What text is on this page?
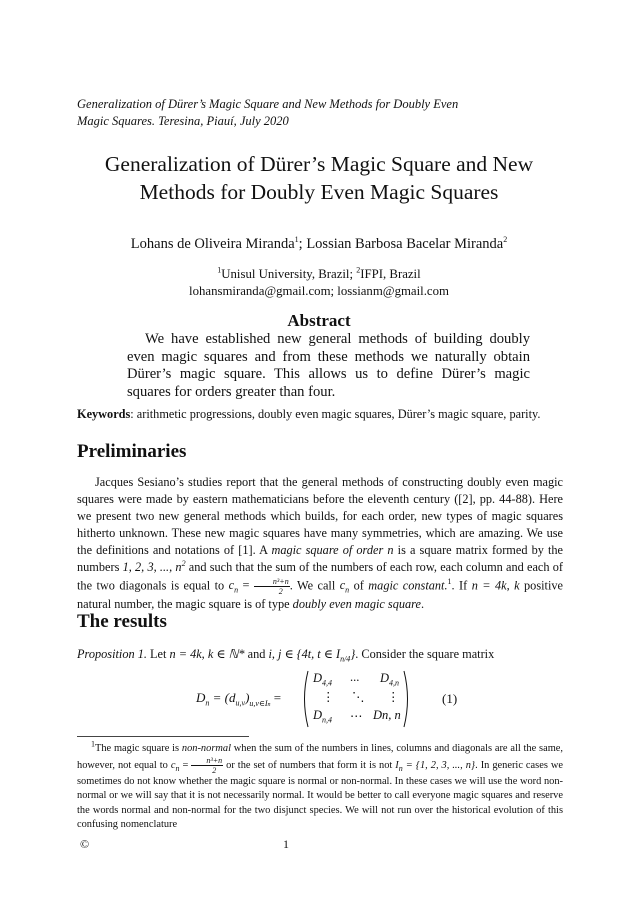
Generalization of Dürer’s Magic Square and New Methods for Doubly Even
Magic Squares. Teresina, Piauí, July 2020
Generalization of Dürer’s Magic Square and New
Methods for Doubly Even Magic Squares
Lohans de Oliveira Miranda$^1$; Lossian Barbosa Bacelar Miranda$^2$
$^1$Unisul University, Brazil; $^2$IFPI, Brazil
lohansmiranda@gmail.com; lossianm@gmail.com
Abstract
We have established new general methods of building doubly even magic squares and from these methods we naturally obtain Dürer’s magic square. This allows us to define Dürer’s magic squares for orders greater than four.
Keywords: arithmetic progressions, doubly even magic squares, Dürer’s magic square, parity.
Preliminaries
Jacques Sesiano’s studies report that the general methods of constructing doubly even magic squares were made by eastern mathematicians before the eleventh century ([2], pp. 44-88). Here we present two new general methods which builds, for each order, new types of magic squares hitherto unknown. These new magic squares have many symmetries, which are amazing. We use the definitions and notations of [1]. A magic square of order n is a square matrix formed by the numbers 1, 2, 3, ..., $n^2$ and such that the sum of the numbers of each row, each column and each of the two diagonals is equal to $c_n = \frac{\text{n³+n}}{2}$ . We call $c_n$ of magic constant.$^1$. If n = 4k, k positive natural number, the magic square is of type doubly even magic square.
The results
Proposition 1. Let n = 4k, k ∈ ℕ* and i, j ∈ {4t, t ∈ $I_{n/4}$}. Consider the square matrix
$D_n = (d_{u,v})_{u,v\in In}$ =
$D_{4,4}$ ... $D_{4,n}$
⋮ ⋱ ⋮
$D_{n,4}$ ⋯ Dn, n
(1)
$^1$The magic square is non-normal when the sum of the numbers in lines, columns and diagonals are all the same, however, not equal to $c_n = \frac{\text{n³+n}}{2}$ or the set of numbers that form it is not $I_n = \{1$, 2, 3, ..., n}. In generic cases we sometimes do not know whether the magic square is normal or non-normal. In these cases we will use the word non-normal or we will say that it is not necessarily normal. It would be better to call everyone magic squares and reserve the words normal and non-normal for the two disjunct species. We will not run over the historical evolution of this confusing nomenclature
©	1
